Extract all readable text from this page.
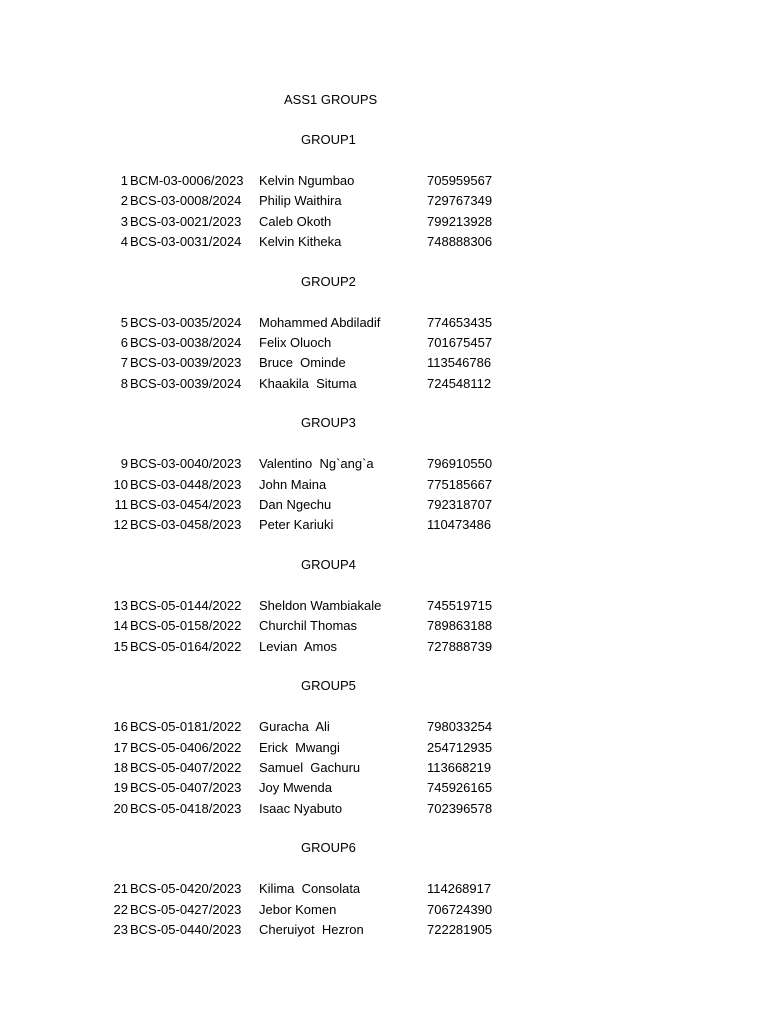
ASS1 GROUPS

GROUP1
1 BCM-03-0006/2023 Kelvin Ngumbao	705959567
2 BCS-03-0008/2024 Philip Waithira	729767349
3 BCS-03-0021/2023 Caleb Okoth	799213928
4 BCS-03-0031/2024 Kelvin Kitheka	748888306
GROUP2
5 BCS-03-0035/2024 Mohammed Abdiladif	774653435
6 BCS-03-0038/2024 Felix Oluoch	701675457
7 BCS-03-0039/2023 Bruce  Ominde	113546786
8 BCS-03-0039/2024 Khaakila  Situma	724548112
GROUP3
9 BCS-03-0040/2023 Valentino  Ng`ang`a	796910550
10 BCS-03-0448/2023 John Maina	775185667
11 BCS-03-0454/2023 Dan Ngechu	792318707
12 BCS-03-0458/2023 Peter Kariuki	110473486
GROUP4
13 BCS-05-0144/2022 Sheldon Wambiakale	745519715
14 BCS-05-0158/2022 Churchil Thomas	789863188
15 BCS-05-0164/2022 Levian  Amos	727888739
GROUP5
16 BCS-05-0181/2022 Guracha  Ali	798033254
17 BCS-05-0406/2022 Erick  Mwangi	254712935
18 BCS-05-0407/2022 Samuel  Gachuru	113668219
19 BCS-05-0407/2023 Joy Mwenda	745926165
20 BCS-05-0418/2023 Isaac Nyabuto	702396578
GROUP6
21 BCS-05-0420/2023 Kilima  Consolata	114268917
22 BCS-05-0427/2023 Jebor Komen	706724390
23 BCS-05-0440/2023 Cheruiyot  Hezron	722281905
